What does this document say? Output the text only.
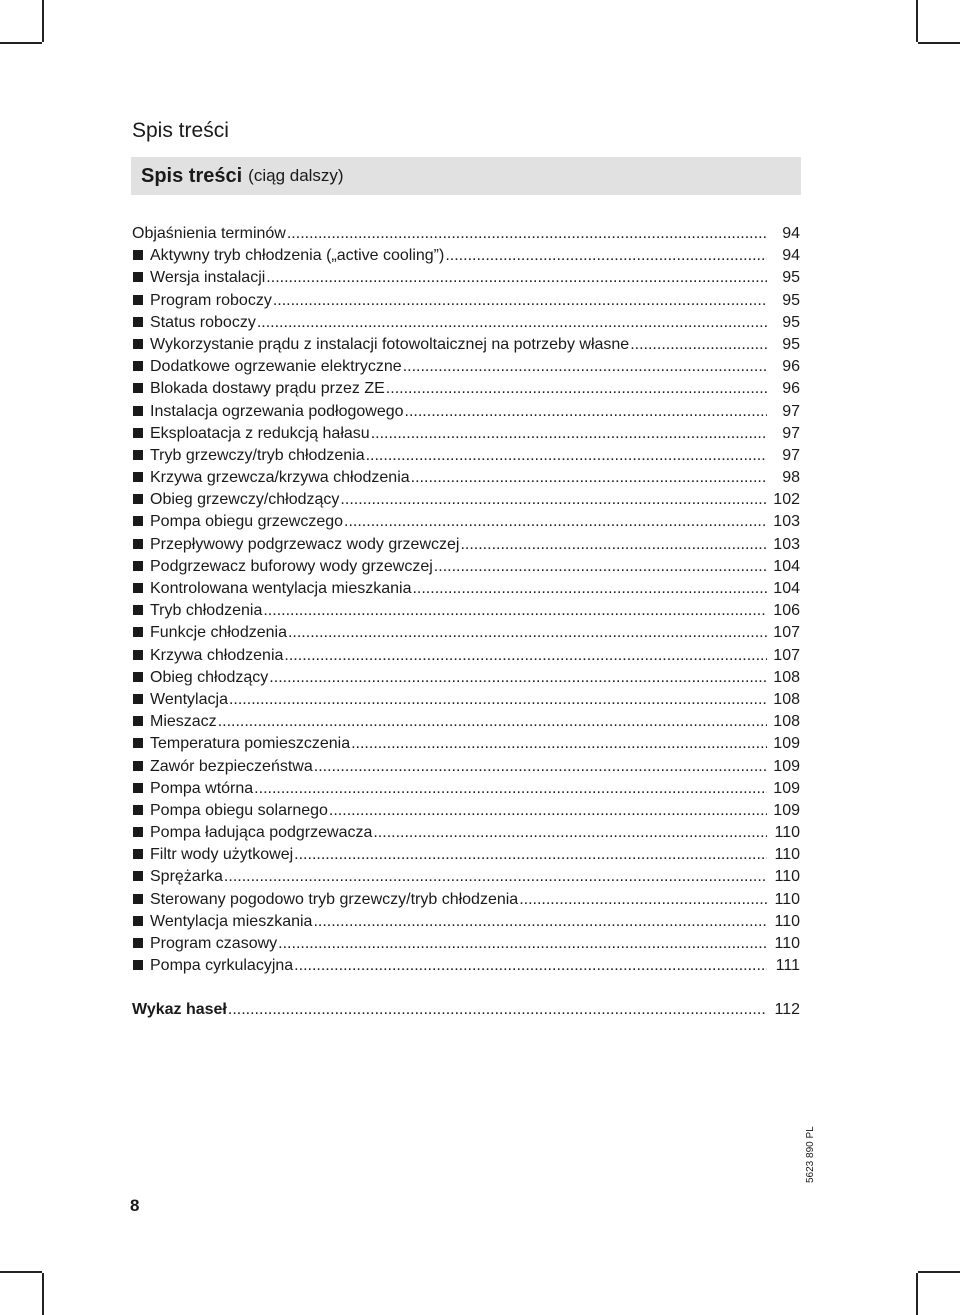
Spis treści
Spis treści (ciąg dalszy)
Objaśnienia terminów .....	94
Aktywny tryb chłodzenia („active cooling”) .....	94
Wersja instalacji .....	95
Program roboczy .....	95
Status roboczy .....	95
Wykorzystanie prądu z instalacji fotowoltaicznej na potrzeby własne .....	95
Dodatkowe ogrzewanie elektryczne .....	96
Blokada dostawy prądu przez ZE .....	96
Instalacja ogrzewania podłogowego .....	97
Eksploatacja z redukcją hałasu .....	97
Tryb grzewczy/tryb chłodzenia .....	97
Krzywa grzewcza/krzywa chłodzenia .....	98
Obieg grzewczy/chłodzący .....	102
Pompa obiegu grzewczego .....	103
Przepływowy podgrzewacz wody grzewczej .....	103
Podgrzewacz buforowy wody grzewczej .....	104
Kontrolowana wentylacja mieszkania .....	104
Tryb chłodzenia .....	106
Funkcje chłodzenia .....	107
Krzywa chłodzenia .....	107
Obieg chłodzący .....	108
Wentylacja .....	108
Mieszacz .....	108
Temperatura pomieszczenia .....	109
Zawór bezpieczeństwa .....	109
Pompa wtórna .....	109
Pompa obiegu solarnego .....	109
Pompa ładująca podgrzewacza .....	110
Filtr wody użytkowej .....	110
Sprężarka .....	110
Sterowany pogodowo tryb grzewczy/tryb chłodzenia .....	110
Wentylacja mieszkania .....	110
Program czasowy .....	110
Pompa cyrkulacyjna .....	111
Wykaz haseł .....	112
8
5623 890 PL
